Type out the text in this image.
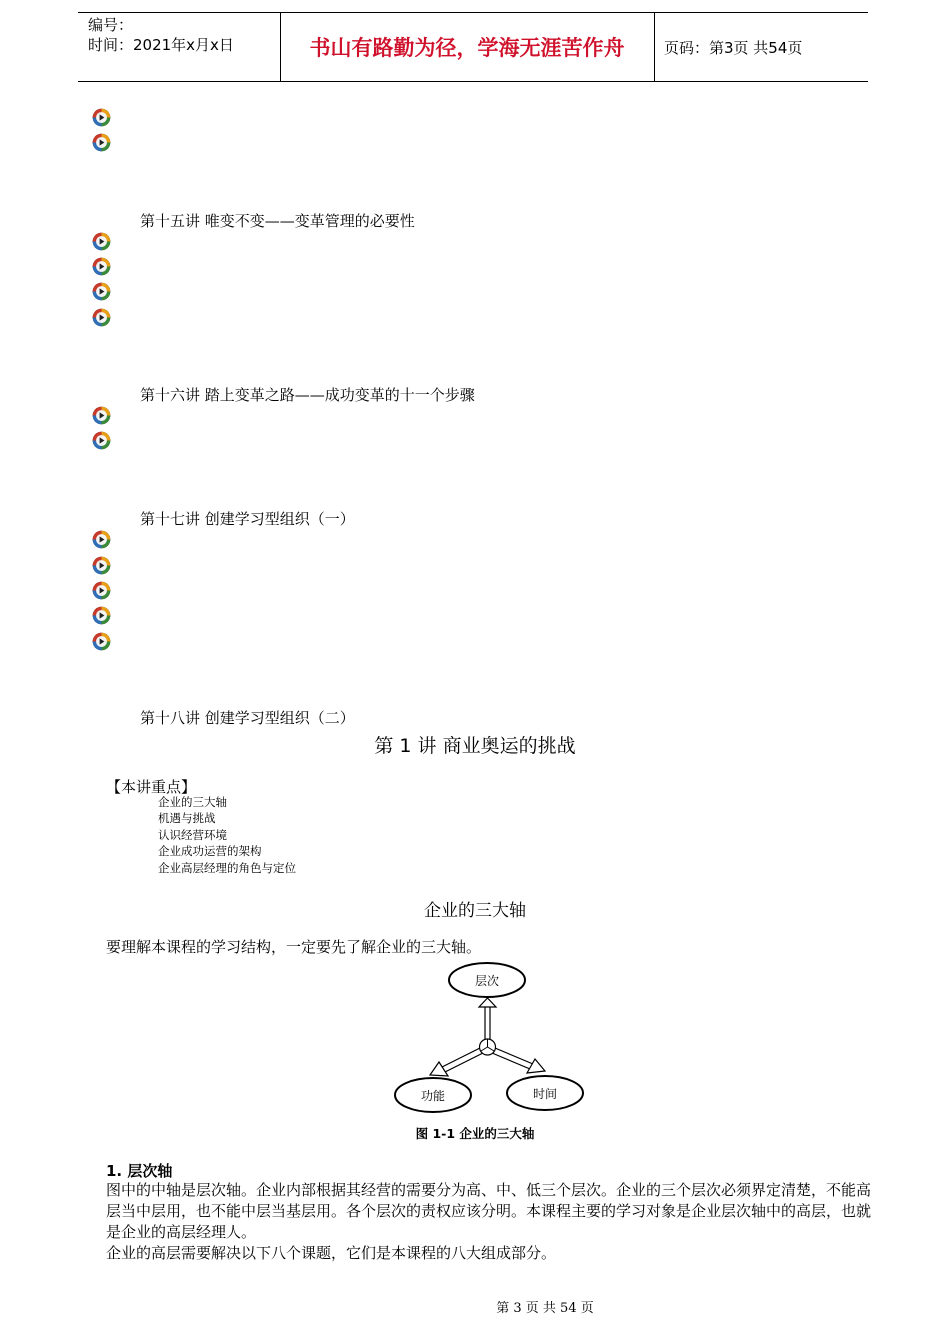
编号：
时间：2021年x月x日	书山有路勤为径，学海无涯苦作舟	页码：第3页 共54页
第十五讲 唯变不变——变革管理的必要性
第十六讲 踏上变革之路——成功变革的十一个步骤
第十七讲 创建学习型组织（一）
第十八讲 创建学习型组织（二）
第 1 讲 商业奥运的挑战
【本讲重点】
企业的三大轴
机遇与挑战
认识经营环境
企业成功运营的架构
企业高层经理的角色与定位
企业的三大轴
要理解本课程的学习结构，一定要先了解企业的三大轴。
层次
功能	时间
图 1-1 企业的三大轴
1. 层次轴

图中的中轴是层次轴。企业内部根据其经营的需要分为高、中、低三个层次。企业的三个层次必须界定清楚，不能高层当中层用，也不能中层当基层用。各个层次的责权应该分明。本课程主要的学习对象是企业层次轴中的高层，也就是企业的高层经理人。

企业的高层需要解决以下八个课题，它们是本课程的八大组成部分。

第 3 页 共 54 页
